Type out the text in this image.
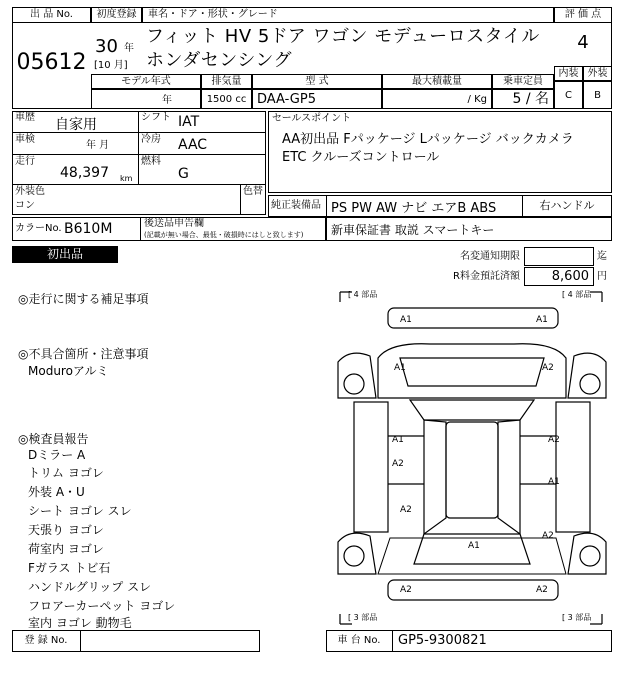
出 品 No.
05612
初度登録
30 年
[10 月]
車名・ドア・形状・グレード
フィット HV 5ドア ワゴン モデューロスタイル ホンダセンシング
モデル年式	排気量	型 式	最大積載量	乗車定員
年	1500 cc DAA-GP5	/ Kg	5 / 名
評 価 点
4
内装 外装
C	B
車歴 自家用	シフト IAT
車検
年 月
冷房 AAC
走行
48,397 km
燃料
G
外装色
コン
色替
カラーNo. B610M	後送品申告欄
(記載が無い場合、最低・破損時にはしと致します)
セールスポイント
AA初出品 Fパッケージ Lパッケージ バックカメラ
ETC クルーズコントロール
純正装備品 PS PW AW ナビ エアB ABS	右ハンドル
新車保証書 取説 スマートキー
初出品	名変通知期限	迄
R料金預託済額	8,600 円
◎走行に関する補足事項
◎不具合箇所・注意事項
Moduroアルミ
◎検査員報告
Dミラー A
トリム ヨゴレ
外装 A・U
シート ヨゴレ スレ
天張り ヨゴレ
荷室内 ヨゴレ
Fガラス トビ石
ハンドルグリップ スレ
フロアーカーペット ヨゴレ
室内 ヨゴレ 動物毛
[ 4 部品	[ 4 部品
[ 3 部品	[ 3 部品
A1	A1
A1	A2
A1	A2
A2
A1
A2
A2
A1
A2	A2
登 録 No.	車 台 No.	GP5-9300821
